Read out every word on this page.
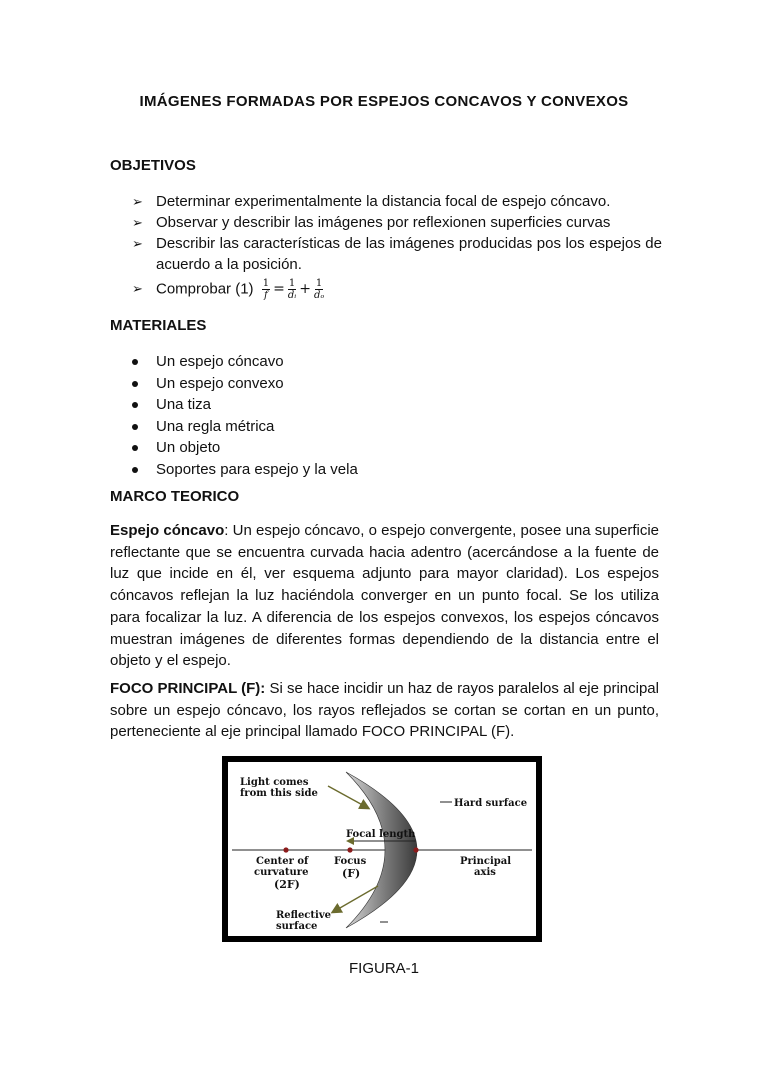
IMÁGENES FORMADAS POR ESPEJOS CONCAVOS Y CONVEXOS
OBJETIVOS
➢ Determinar experimentalmente la distancia focal de espejo cóncavo.
➢ Observar y describir las imágenes por reflexionen superficies curvas
➢ Describir las características de las imágenes producidas pos los espejos de acuerdo a la posición.
➢ Comprobar $(1) \frac{1}{f} = \frac{1}{\text{dᵢ}} + \frac{1}{\text{dₒ}}$
MATERIALES
Un espejo cóncavo
Un espejo convexo
Una tiza
Una regla métrica
Un objeto
Soportes para espejo y la vela
MARCO TEORICO

Espejo cóncavo: Un espejo cóncavo, o espejo convergente, posee una superficie reflectante que se encuentra curvada hacia adentro (acercándose a la fuente de luz que incide en él, ver esquema adjunto para mayor claridad). Los espejos cóncavos reflejan la luz haciéndola converger en un punto focal. Se los utiliza para focalizar la luz. A diferencia de los espejos convexos, los espejos cóncavos muestran imágenes de diferentes formas dependiendo de la distancia entre el objeto y el espejo.

FOCO PRINCIPAL (F): Si se hace incidir un haz de rayos paralelos al eje principal sobre un espejo cóncavo, los rayos reflejados se cortan se cortan en un punto, perteneciente al eje principal llamado FOCO PRINCIPAL (F).

Light comes
from this side
Hard surface
Focal length
Center of
curvature
(2F)
Focus
(F)
Principal
axis
Reflective
surface
FIGURA-1
